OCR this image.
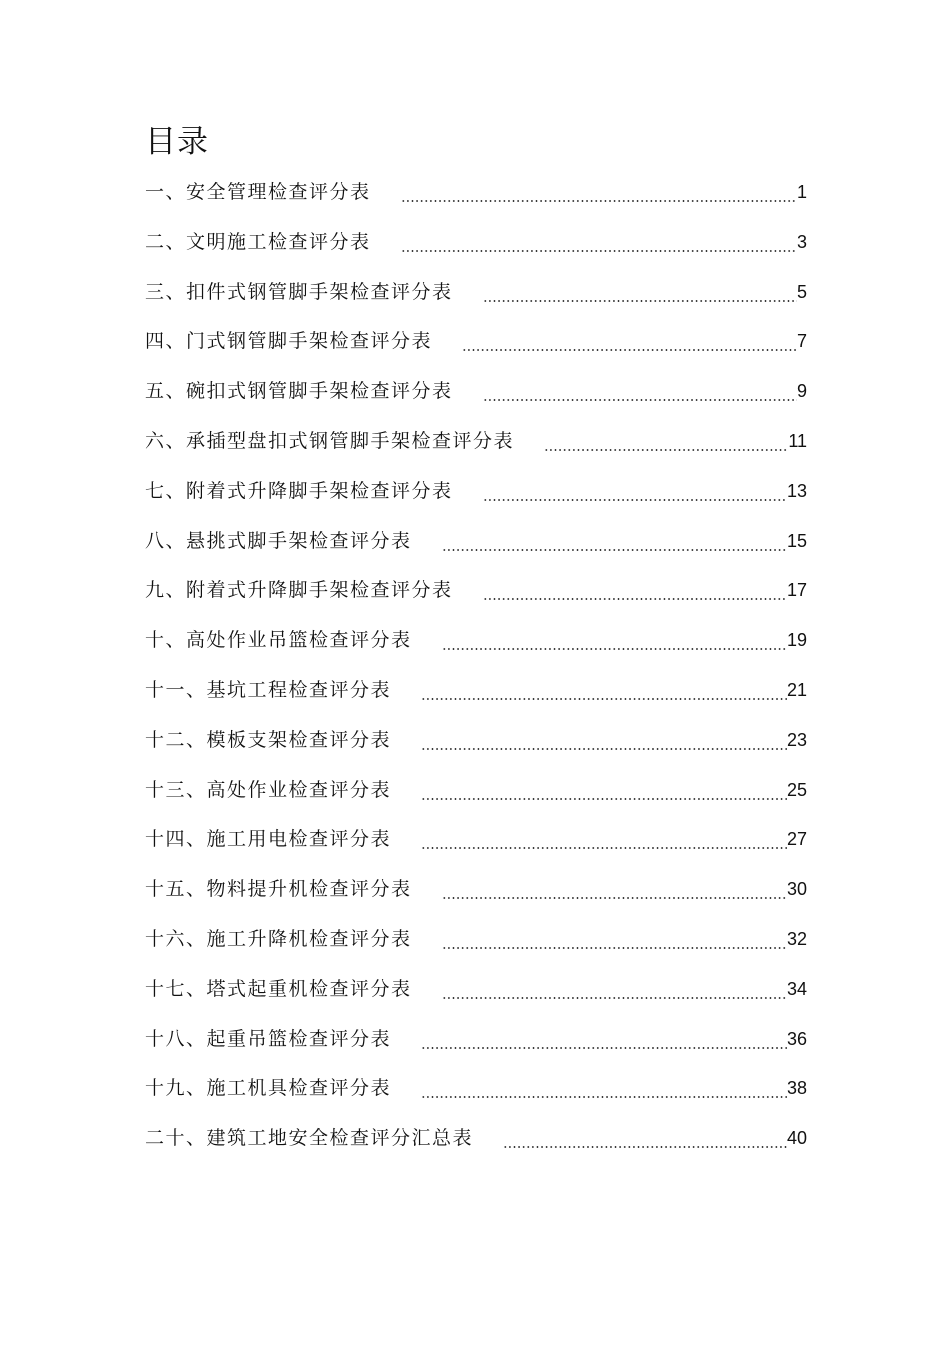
目录
一、安全管理检查评分表	1
二、文明施工检查评分表	3
三、扣件式钢管脚手架检查评分表	5
四、门式钢管脚手架检查评分表	7
五、碗扣式钢管脚手架检查评分表	9
六、承插型盘扣式钢管脚手架检查评分表	11
七、附着式升降脚手架检查评分表	13
八、悬挑式脚手架检查评分表	15
九、附着式升降脚手架检查评分表	17
十、高处作业吊篮检查评分表	19
十一、基坑工程检查评分表	21
十二、模板支架检查评分表	23
十三、高处作业检查评分表	25
十四、施工用电检查评分表	27
十五、物料提升机检查评分表	30
十六、施工升降机检查评分表	32
十七、塔式起重机检查评分表	34
十八、起重吊篮检查评分表	36
十九、施工机具检查评分表	38
二十、建筑工地安全检查评分汇总表	40
